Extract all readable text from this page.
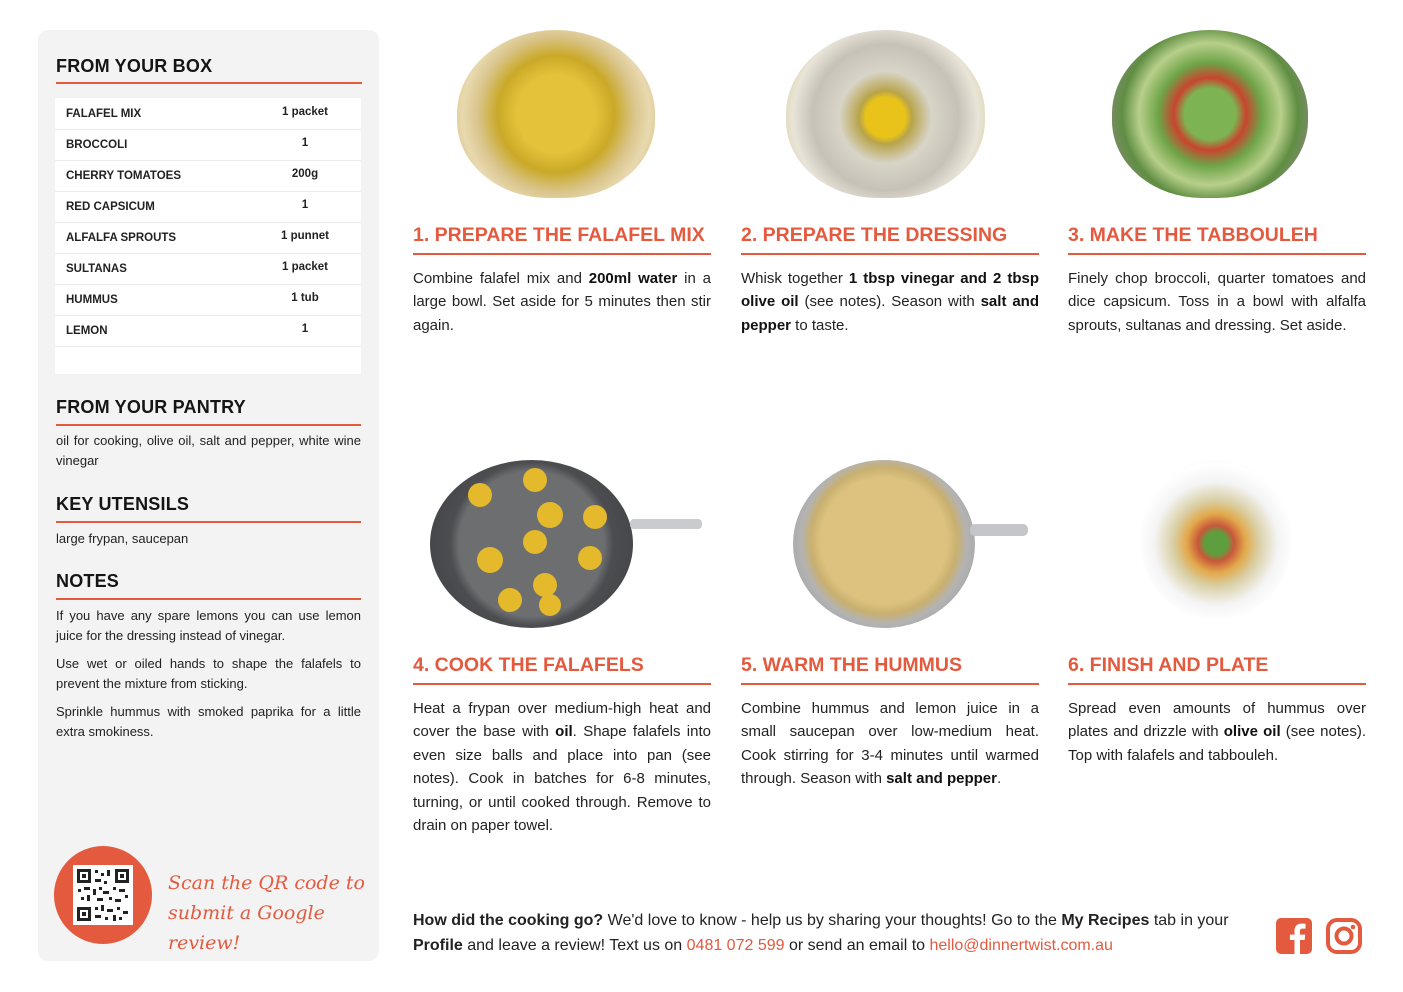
FROM YOUR BOX
FALAFEL MIX	1 packet
BROCCOLI	1
CHERRY TOMATOES	200g
RED CAPSICUM	1
ALFALFA SPROUTS	1 punnet
SULTANAS	1 packet
HUMMUS	1 tub
LEMON	1
FROM YOUR PANTRY
oil for cooking, olive oil, salt and pepper, white wine vinegar
KEY UTENSILS
large frypan, saucepan
NOTES
If you have any spare lemons you can use lemon juice for the dressing instead of vinegar.
Use wet or oiled hands to shape the falafels to prevent the mixture from sticking.
Sprinkle hummus with smoked paprika for a little extra smokiness.
Scan the QR code to
submit a Google review!
1. PREPARE THE FALAFEL MIX
Combine falafel mix and 200ml water in a large bowl. Set aside for 5 minutes then stir again.
2. PREPARE THE DRESSING
Whisk together 1 tbsp vinegar and 2 tbsp olive oil (see notes). Season with salt and pepper to taste.
3. MAKE THE TABBOULEH
Finely chop broccoli, quarter tomatoes and dice capsicum. Toss in a bowl with alfalfa sprouts, sultanas and dressing. Set aside.
4. COOK THE FALAFELS
Heat a frypan over medium-high heat and cover the base with oil. Shape falafels into even size balls and place into pan (see notes). Cook in batches for 6-8 minutes, turning, or until cooked through. Remove to drain on paper towel.
5. WARM THE HUMMUS
Combine hummus and lemon juice in a small saucepan over low-medium heat. Cook stirring for 3-4 minutes until warmed through. Season with salt and pepper.
6. FINISH AND PLATE
Spread even amounts of hummus over plates and drizzle with olive oil (see notes). Top with falafels and tabbouleh.
How did the cooking go? We'd love to know - help us by sharing your thoughts! Go to the My Recipes tab in your Profile and leave a review! Text us on 0481 072 599 or send an email to hello@dinnertwist.com.au
